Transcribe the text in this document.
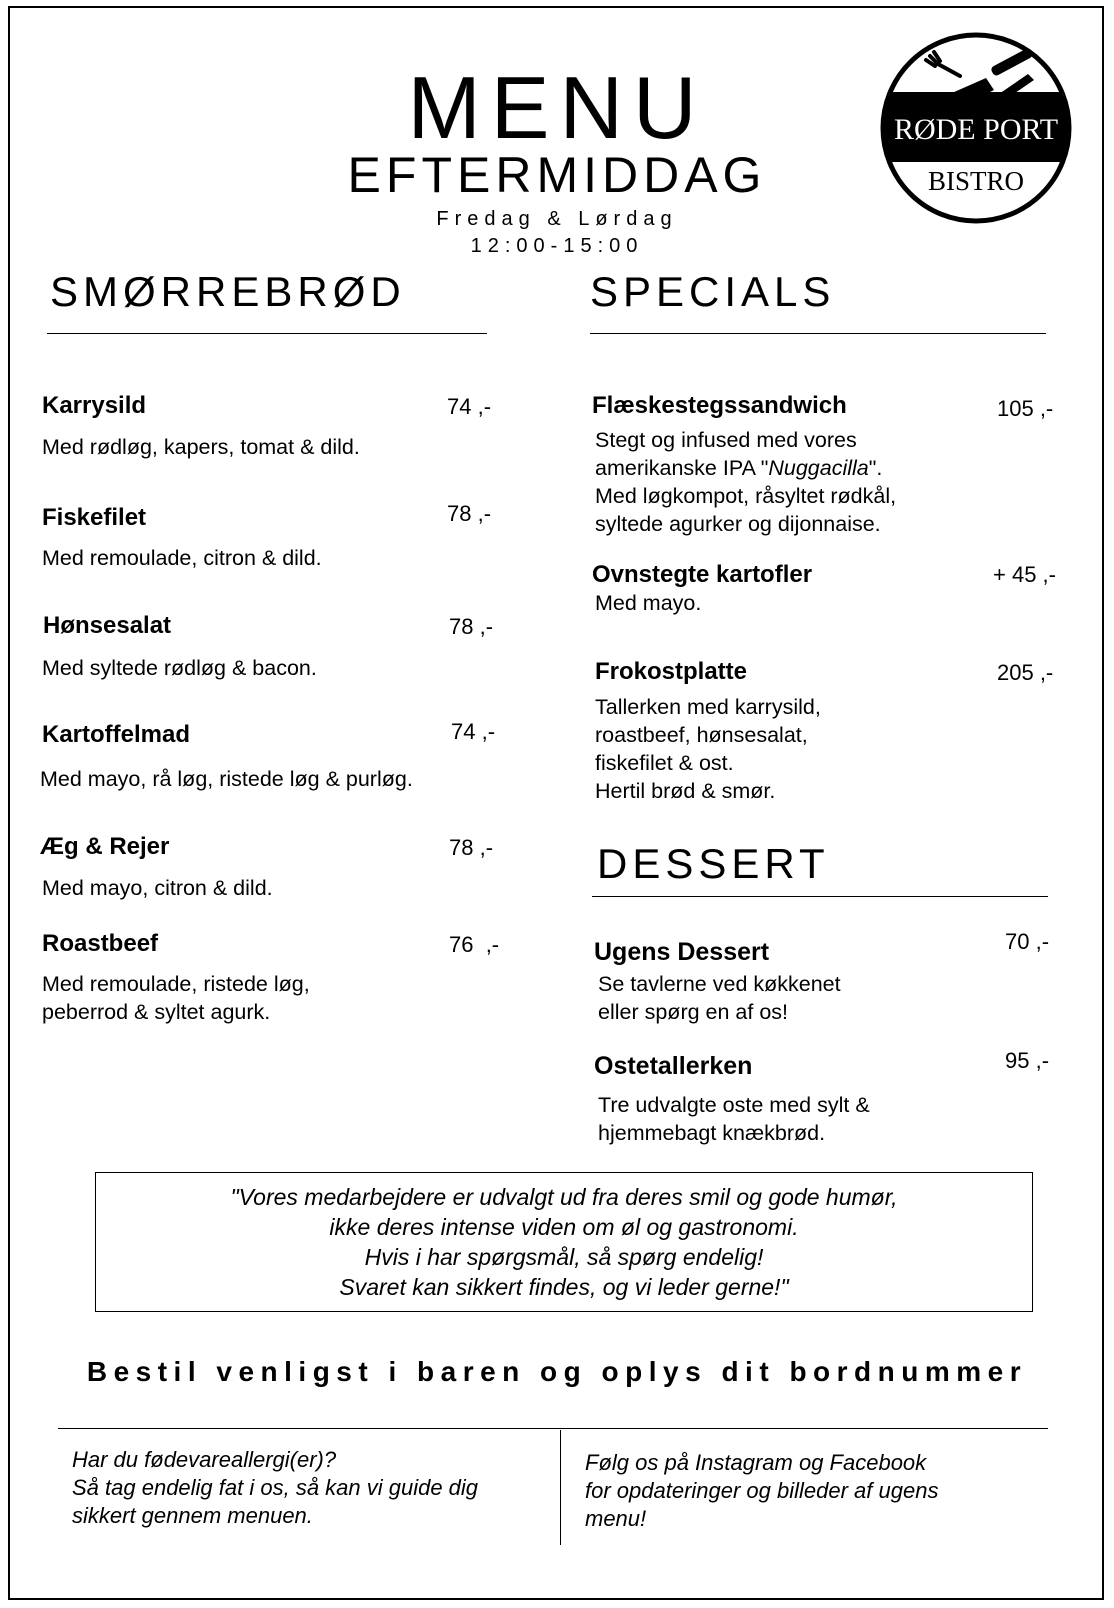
MENU
EFTERMIDDAG
Fredag & Lørdag
12:00-15:00
RØDE PORT
BISTRO
SMØRREBRØD
Karrysild	74 ,-
Med rødløg, kapers, tomat & dild.
Fiskefilet	78 ,-
Med remoulade, citron & dild.
Hønsesalat	78 ,-
Med syltede rødløg & bacon.
Kartoffelmad	74 ,-
Med mayo, rå løg, ristede løg & purløg.
Æg & Rejer	78 ,-
Med mayo, citron & dild.
Roastbeef	76  ,-
Med remoulade, ristede løg,
peberrod & syltet agurk.
SPECIALS
Flæskestegssandwich	105 ,-
Stegt og infused med vores
amerikanske IPA "Nuggacilla".
Med løgkompot, råsyltet rødkål,
syltede agurker og dijonnaise.
Ovnstegte kartofler	+ 45 ,-
Med mayo.
Frokostplatte	205 ,-
Tallerken med karrysild,
roastbeef, hønsesalat,
fiskefilet & ost.
Hertil brød & smør.
DESSERT
Ugens Dessert	70 ,-
Se tavlerne ved køkkenet
eller spørg en af os!
Ostetallerken	95 ,-
Tre udvalgte oste med sylt &
hjemmebagt knækbrød.
"Vores medarbejdere er udvalgt ud fra deres smil og gode humør,
ikke deres intense viden om øl og gastronomi.
Hvis i har spørgsmål, så spørg endelig!
Svaret kan sikkert findes, og vi leder gerne!"
Bestil venligst i baren og oplys dit bordnummer
Har du fødevareallergi(er)?
Så tag endelig fat i os, så kan vi guide dig
sikkert gennem menuen.
Følg os på Instagram og Facebook
for opdateringer og billeder af ugens
menu!
